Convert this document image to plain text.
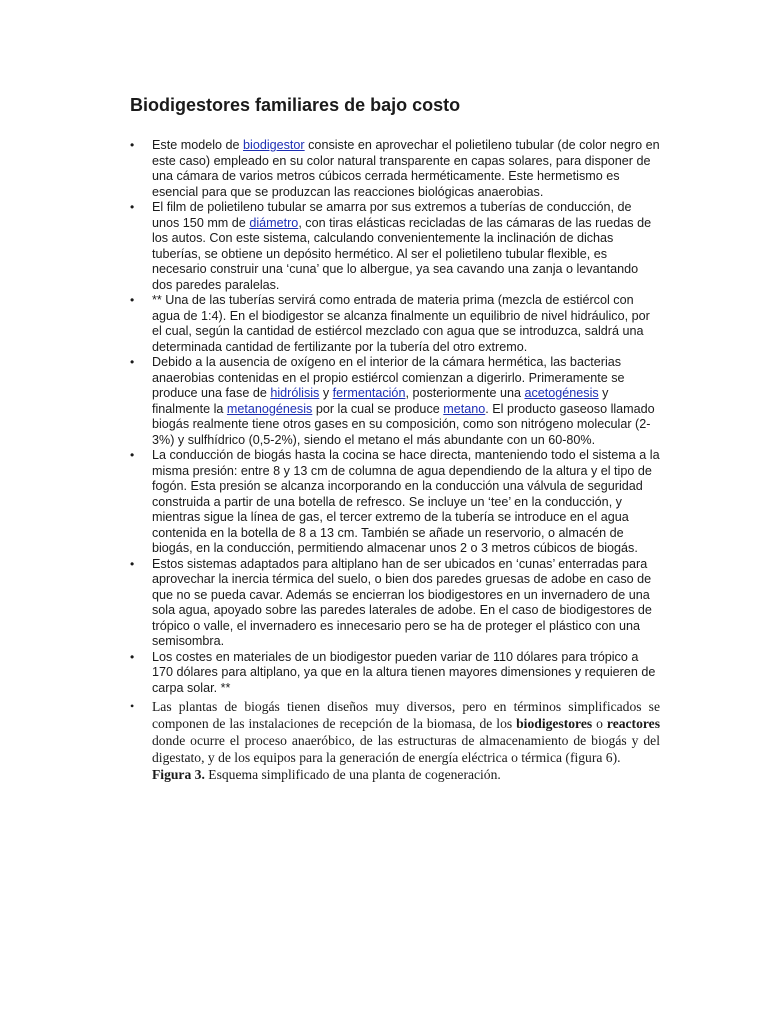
Biodigestores familiares de bajo costo
• Este modelo de biodigestor consiste en aprovechar el polietileno tubular (de color negro en este caso) empleado en su color natural transparente en capas solares, para disponer de una cámara de varios metros cúbicos cerrada herméticamente. Este hermetismo es esencial para que se produzcan las reacciones biológicas anaerobias.
• El film de polietileno tubular se amarra por sus extremos a tuberías de conducción, de unos 150 mm de diámetro, con tiras elásticas recicladas de las cámaras de las ruedas de los autos. Con este sistema, calculando convenientemente la inclinación de dichas tuberías, se obtiene un depósito hermético. Al ser el polietileno tubular flexible, es necesario construir una ‘cuna’ que lo albergue, ya sea cavando una zanja o levantando dos paredes paralelas.
• ** Una de las tuberías servirá como entrada de materia prima (mezcla de estiércol con agua de 1:4). En el biodigestor se alcanza finalmente un equilibrio de nivel hidráulico, por el cual, según la cantidad de estiércol mezclado con agua que se introduzca, saldrá una determinada cantidad de fertilizante por la tubería del otro extremo.
• Debido a la ausencia de oxígeno en el interior de la cámara hermética, las bacterias anaerobias contenidas en el propio estiércol comienzan a digerirlo. Primeramente se produce una fase de hidrólisis y fermentación, posteriormente una acetogénesis y finalmente la metanogénesis por la cual se produce metano. El producto gaseoso llamado biogás realmente tiene otros gases en su composición, como son nitrógeno molecular (2-3%) y sulfhídrico (0,5-2%), siendo el metano el más abundante con un 60-80%.
• La conducción de biogás hasta la cocina se hace directa, manteniendo todo el sistema a la misma presión: entre 8 y 13 cm de columna de agua dependiendo de la altura y el tipo de fogón. Esta presión se alcanza incorporando en la conducción una válvula de seguridad construida a partir de una botella de refresco. Se incluye un ‘tee’ en la conducción, y mientras sigue la línea de gas, el tercer extremo de la tubería se introduce en el agua contenida en la botella de 8 a 13 cm. También se añade un reservorio, o almacén de biogás, en la conducción, permitiendo almacenar unos 2 o 3 metros cúbicos de biogás.
• Estos sistemas adaptados para altiplano han de ser ubicados en ‘cunas’ enterradas para aprovechar la inercia térmica del suelo, o bien dos paredes gruesas de adobe en caso de que no se pueda cavar. Además se encierran los biodigestores en un invernadero de una sola agua, apoyado sobre las paredes laterales de adobe. En el caso de biodigestores de trópico o valle, el invernadero es innecesario pero se ha de proteger el plástico con una semisombra.
• Los costes en materiales de un biodigestor pueden variar de 110 dólares para trópico a 170 dólares para altiplano, ya que en la altura tienen mayores dimensiones y requieren de carpa solar. **
• Las plantas de biogás tienen diseños muy diversos, pero en términos simplificados se componen de las instalaciones de recepción de la biomasa, de los biodigestores o reactores donde ocurre el proceso anaeróbico, de las estructuras de almacenamiento de biogás y del digestato, y de los equipos para la generación de energía eléctrica o térmica (figura 6).
Figura 3. Esquema simplificado de una planta de cogeneración.
